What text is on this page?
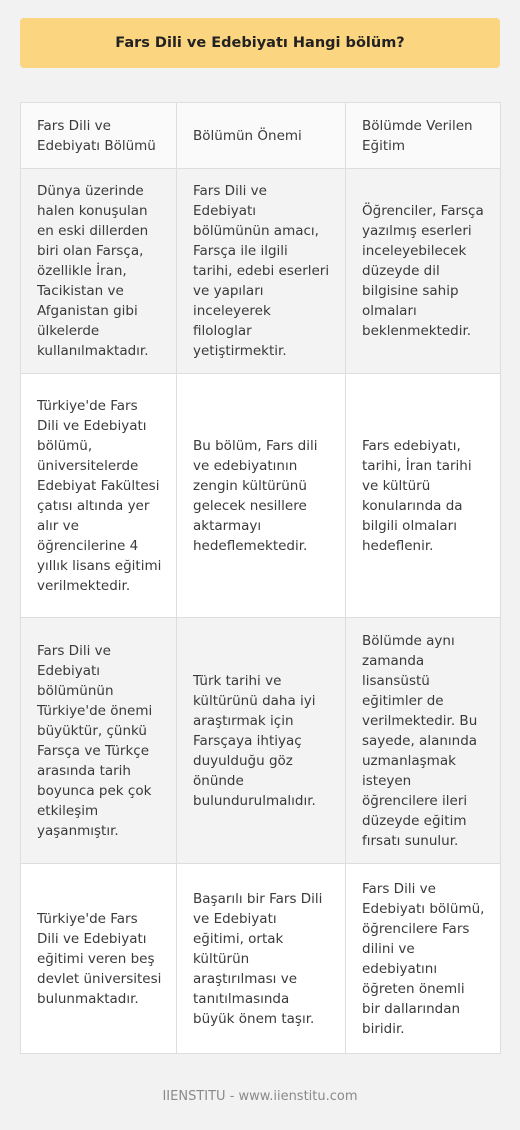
Fars Dili ve Edebiyatı Hangi bölüm?
Fars Dili ve Edebiyatı Bölümü	Bölümün Önemi	Bölümde Verilen Eğitim
Dünya üzerinde halen konuşulan en eski dillerden biri olan Farsça, özellikle İran, Tacikistan ve Afganistan gibi ülkelerde kullanılmaktadır.	Fars Dili ve Edebiyatı bölümünün amacı, Farsça ile ilgili tarihi, edebi eserleri ve yapıları inceleyerek filologlar yetiştirmektir.	Öğrenciler, Farsça yazılmış eserleri inceleyebilecek düzeyde dil bilgisine sahip olmaları beklenmektedir.
Türkiye'de Fars Dili ve Edebiyatı bölümü, üniversitelerde Edebiyat Fakültesi çatısı altında yer alır ve öğrencilerine 4 yıllık lisans eğitimi verilmektedir.	Bu bölüm, Fars dili ve edebiyatının zengin kültürünü gelecek nesillere aktarmayı hedeflemektedir.	Fars edebiyatı, tarihi, İran tarihi ve kültürü konularında da bilgili olmaları hedeflenir.
Fars Dili ve Edebiyatı bölümünün Türkiye'de önemi büyüktür, çünkü Farsça ve Türkçe arasında tarih boyunca pek çok etkileşim yaşanmıştır.	Türk tarihi ve kültürünü daha iyi araştırmak için Farsçaya ihtiyaç duyulduğu göz önünde bulundurulmalıdır.	Bölümde aynı zamanda lisansüstü eğitimler de verilmektedir. Bu sayede, alanında uzmanlaşmak isteyen öğrencilere ileri düzeyde eğitim fırsatı sunulur.
Türkiye'de Fars Dili ve Edebiyatı eğitimi veren beş devlet üniversitesi bulunmaktadır.	Başarılı bir Fars Dili ve Edebiyatı eğitimi, ortak kültürün araştırılması ve tanıtılmasında büyük önem taşır.	Fars Dili ve Edebiyatı bölümü, öğrencilere Fars dilini ve edebiyatını öğreten önemli bir dallarından biridir.
IIENSTITU - www.iienstitu.com
